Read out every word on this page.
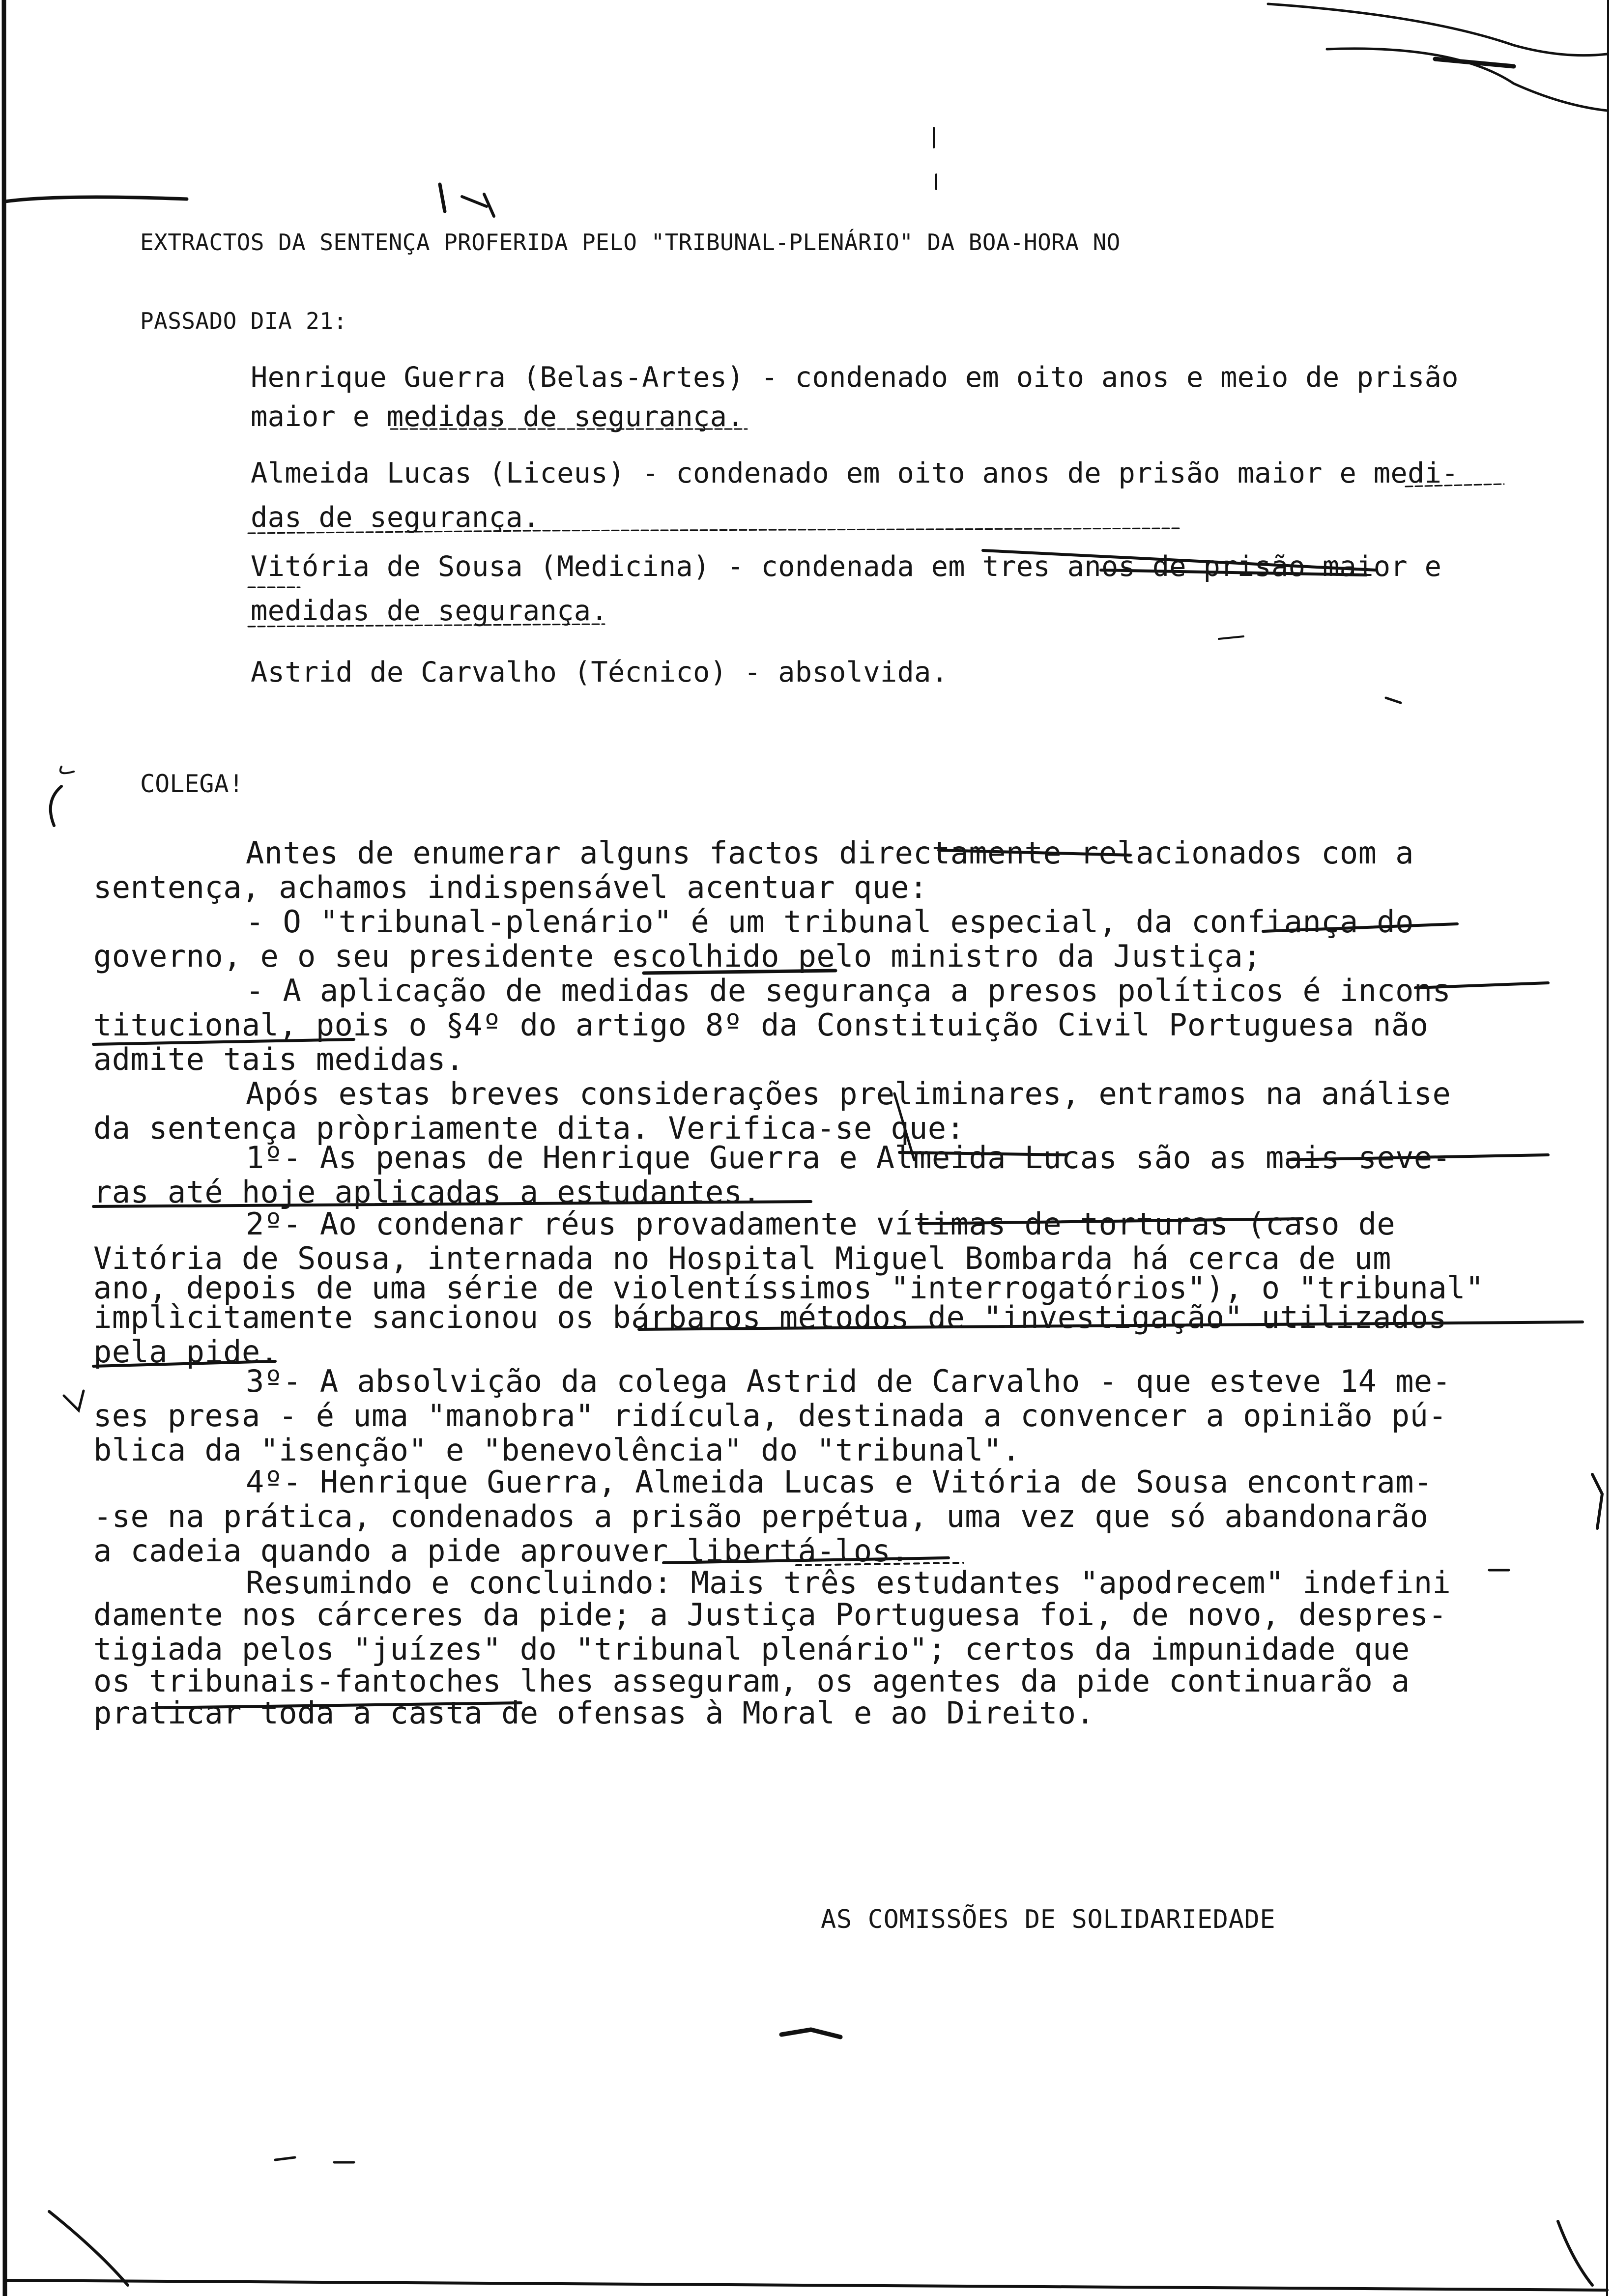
EXTRACTOS DA SENTENÇA PROFERIDA PELO "TRIBUNAL-PLENÁRIO" DA BOA-HORA NO
PASSADO DIA 21:
Henrique Guerra (Belas-Artes) - condenado em oito anos e meio de prisão
maior e medidas de segurança.
Almeida Lucas (Liceus) - condenado em oito anos de prisão maior e medi-
das de segurança.
Vitória de Sousa (Medicina) - condenada em tres anos de prisão maior e
medidas de segurança.
Astrid de Carvalho (Técnico) - absolvida.
COLEGA!
Antes de enumerar alguns factos directamente relacionados com a
sentença, achamos indispensável acentuar que:
- O "tribunal-plenário" é um tribunal especial, da confiança do
governo, e o seu presidente escolhido pelo ministro da Justiça;
- A aplicação de medidas de segurança a presos políticos é incons
titucional, pois o §4º do artigo 8º da Constituição Civil Portuguesa não
admite tais medidas.
Após estas breves considerações preliminares, entramos na análise
da sentença pròpriamente dita. Verifica-se que:
1º- As penas de Henrique Guerra e Almeida Lucas são as mais seve-
ras até hoje aplicadas a estudantes.
2º- Ao condenar réus provadamente vítimas de torturas (caso de
Vitória de Sousa, internada no Hospital Miguel Bombarda há cerca de um
ano, depois de uma série de violentíssimos "interrogatórios"), o "tribunal"
implìcitamente sancionou os bárbaros métodos de "investigação" utilizados
pela pide.
3º- A absolvição da colega Astrid de Carvalho - que esteve 14 me-
ses presa - é uma "manobra" ridícula, destinada a convencer a opinião pú-
blica da "isenção" e "benevolência" do "tribunal".
4º- Henrique Guerra, Almeida Lucas e Vitória de Sousa encontram-
-se na prática, condenados a prisão perpétua, uma vez que só abandonarão
a cadeia quando a pide aprouver libertá-los.
Resumindo e concluindo: Mais três estudantes "apodrecem" indefini
damente nos cárceres da pide; a Justiça Portuguesa foi, de novo, despres-
tigiada pelos "juízes" do "tribunal plenário"; certos da impunidade que
os tribunais-fantoches lhes asseguram, os agentes da pide continuarão a
praticar toda a casta de ofensas à Moral e ao Direito.
AS COMISSÕES DE SOLIDARIEDADE
